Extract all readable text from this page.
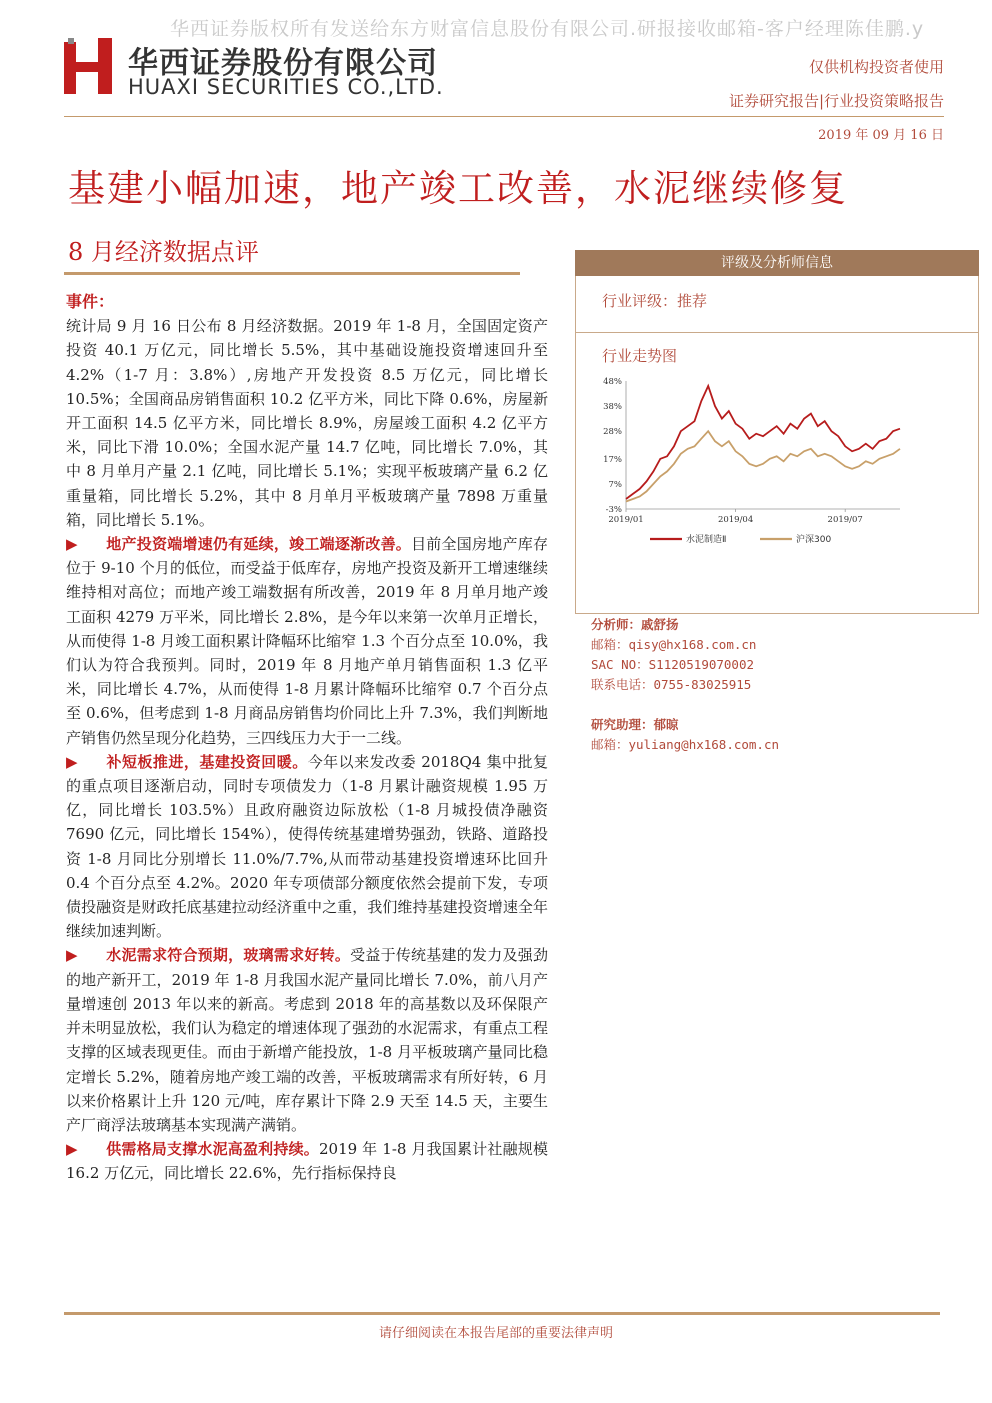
华西证券版权所有发送给东方财富信息股份有限公司.研报接收邮箱-客户经理陈佳鹏.y
华西证券股份有限公司
HUAXI SECURITIES CO.,LTD.
仅供机构投资者使用
证券研究报告|行业投资策略报告
2019 年 09 月 16 日
基建小幅加速，地产竣工改善，水泥继续修复
8 月经济数据点评

事件：
统计局 9 月 16 日公布 8 月经济数据。2019 年 1-8 月，全国固定资产投资 40.1 万亿元，同比增长 5.5%，其中基础设施投资增速回升至 4.2%（1-7 月：3.8%）,房地产开发投资 8.5 万亿元，同比增长 10.5%；全国商品房销售面积 10.2 亿平方米，同比下降 0.6%，房屋新开工面积 14.5 亿平方米，同比增长 8.9%，房屋竣工面积 4.2 亿平方米，同比下滑 10.0%；全国水泥产量 14.7 亿吨，同比增长 7.0%，其中 8 月单月产量 2.1 亿吨，同比增长 5.1%；实现平板玻璃产量 6.2 亿重量箱，同比增长 5.2%，其中 8 月单月平板玻璃产量 7898 万重量箱，同比增长 5.1%。

▶ 地产投资端增速仍有延续，竣工端逐渐改善。目前全国房地产库存位于 9-10 个月的低位，而受益于低库存，房地产投资及新开工增速继续维持相对高位；而地产竣工端数据有所改善，2019 年 8 月单月地产竣工面积 4279 万平米，同比增长 2.8%，是今年以来第一次单月正增长，从而使得 1-8 月竣工面积累计降幅环比缩窄 1.3 个百分点至 10.0%，我们认为符合我预判。同时，2019 年 8 月地产单月销售面积 1.3 亿平米，同比增长 4.7%，从而使得 1-8 月累计降幅环比缩窄 0.7 个百分点至 0.6%，但考虑到 1-8 月商品房销售均价同比上升 7.3%，我们判断地产销售仍然呈现分化趋势，三四线压力大于一二线。

▶ 补短板推进，基建投资回暖。今年以来发改委 2018Q4 集中批复的重点项目逐渐启动，同时专项债发力（1-8 月累计融资规模 1.95 万亿，同比增长 103.5%）且政府融资边际放松（1-8 月城投债净融资 7690 亿元，同比增长 154%），使得传统基建增势强劲，铁路、道路投资 1-8 月同比分别增长 11.0%/7.7%,从而带动基建投资增速环比回升 0.4 个百分点至 4.2%。2020 年专项债部分额度依然会提前下发，专项债投融资是财政托底基建拉动经济重中之重，我们维持基建投资增速全年继续加速判断。

▶ 水泥需求符合预期，玻璃需求好转。受益于传统基建的发力及强劲的地产新开工，2019 年 1-8 月我国水泥产量同比增长 7.0%，前八月产量增速创 2013 年以来的新高。考虑到 2018 年的高基数以及环保限产并未明显放松，我们认为稳定的增速体现了强劲的水泥需求，有重点工程支撑的区域表现更佳。而由于新增产能投放，1-8 月平板玻璃产量同比稳定增长 5.2%，随着房地产竣工端的改善，平板玻璃需求有所好转，6 月以来价格累计上升 120 元/吨，库存累计下降 2.9 天至 14.5 天，主要生产厂商浮法玻璃基本实现满产满销。

▶ 供需格局支撑水泥高盈利持续。2019 年 1-8 月我国累计社融规模 16.2 万亿元，同比增长 22.6%，先行指标保持良

评级及分析师信息
行业评级：推荐
行业走势图
48%
38%
28%
17%
7%
-3%
2019/01	2019/04	2019/07
水泥制造Ⅱ	沪深300
分析师：戚舒扬
邮箱：qisy@hx168.com.cn
SAC NO：S1120519070002
联系电话：0755-83025915
研究助理：郁晾
邮箱：yuliang@hx168.com.cn
请仔细阅读在本报告尾部的重要法律声明
